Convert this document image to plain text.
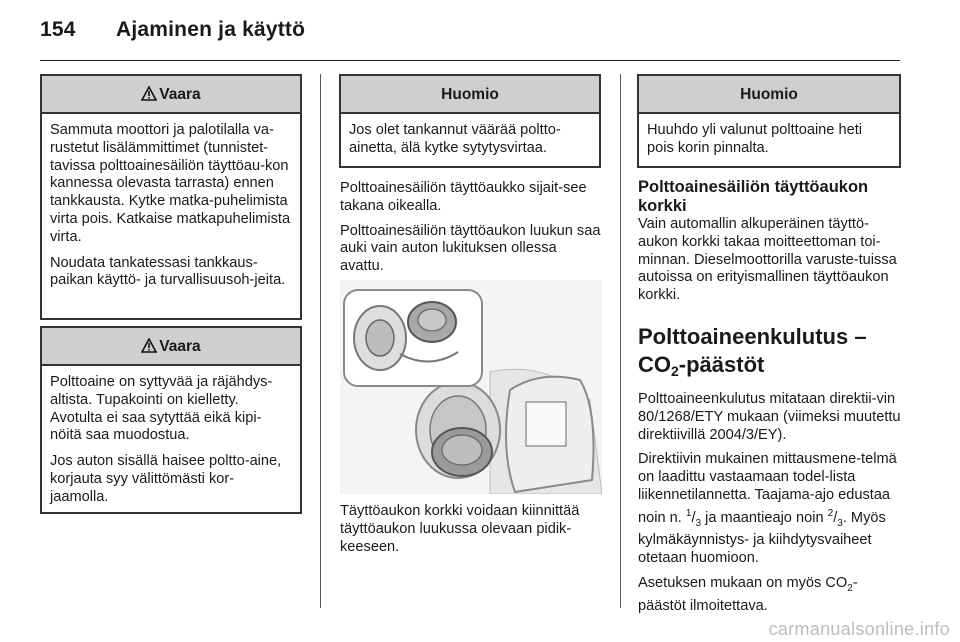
154 Ajaminen ja käyttö
Vaara

Sammuta moottori ja palotilalla va-rustetut lisälämmittimet (tunnistet-tavissa polttoainesäiliön täyttöau-kon kannessa olevasta tarrasta) ennen tankkausta. Kytke matka-puhelimista virta pois. Katkaise matkapuhelimista virta.

Noudata tankatessasi tankkaus-paikan käyttö- ja turvallisuusoh-jeita.

Vaara

Polttoaine on syttyvää ja räjähdys-altista. Tupakointi on kielletty. Avotulta ei saa sytyttää eikä kipi-nöitä saa muodostua.

Jos auton sisällä haisee poltto-aine, korjauta syy välittömästi kor-jaamolla.

Huomio

Jos olet tankannut väärää poltto-ainetta, älä kytke sytytysvirtaa.

Polttoainesäiliön täyttöaukko sijait-see takana oikealla.

Polttoainesäiliön täyttöaukon luukun saa auki vain auton lukituksen ollessa avattu.

Täyttöaukon korkki voidaan kiinnittää täyttöaukon luukussa olevaan pidik-keeseen.

Huomio

Huuhdo yli valunut polttoaine heti pois korin pinnalta.

Polttoainesäiliön täyttöaukon korkki

Vain automallin alkuperäinen täyttö-aukon korkki takaa moitteettoman toi-minnan. Dieselmoottorilla varuste-tuissa autoissa on erityismallinen täyttöaukon korkki.

Polttoaineenkulutus –
$CO_2$-päästöt

Polttoaineenkulutus mitataan direktii-vin 80/1268/ETY mukaan (viimeksi muutettu direktiivillä 2004/3/EY).

Direktiivin mukainen mittausmene-telmä on laadittu vastaamaan todel-lista liikennetilannetta. Taajama-ajo edustaa noin n. $^1/_3$ ja maantieajo noin $^2/_3$. Myös kylmäkäynnistys- ja kiihdytysvaiheet otetaan huomioon.

Asetuksen mukaan on myös $CO_2$-päästöt ilmoitettava.

carmanualsonline.info
